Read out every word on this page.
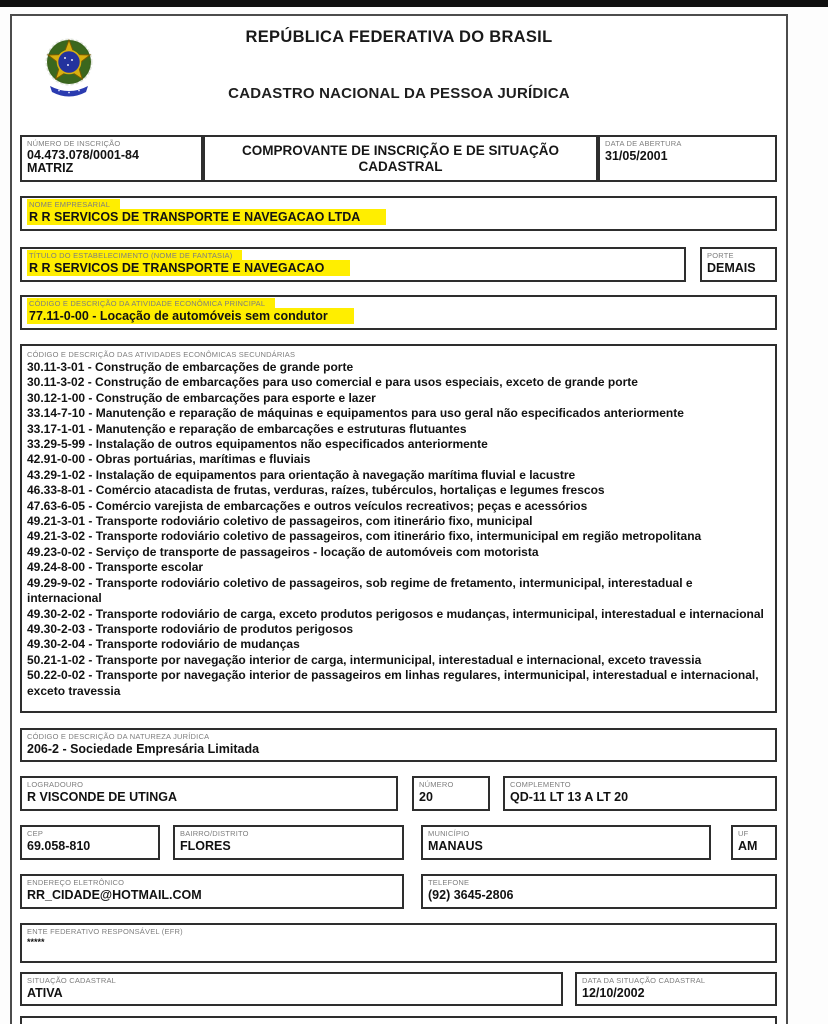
REPÚBLICA FEDERATIVA DO BRASIL
CADASTRO NACIONAL DA PESSOA JURÍDICA
NÚMERO DE INSCRIÇÃO
04.473.078/0001-84
MATRIZ
COMPROVANTE DE INSCRIÇÃO E DE SITUAÇÃO
CADASTRAL
DATA DE ABERTURA
31/05/2001
NOME EMPRESARIAL
R R SERVICOS DE TRANSPORTE E NAVEGACAO LTDA
TÍTULO DO ESTABELECIMENTO (NOME DE FANTASIA)
R R SERVICOS DE TRANSPORTE E NAVEGACAO
PORTE
DEMAIS
CÓDIGO E DESCRIÇÃO DA ATIVIDADE ECONÔMICA PRINCIPAL
77.11-0-00 - Locação de automóveis sem condutor
CÓDIGO E DESCRIÇÃO DAS ATIVIDADES ECONÔMICAS SECUNDÁRIAS
30.11-3-01 - Construção de embarcações de grande porte
30.11-3-02 - Construção de embarcações para uso comercial e para usos especiais, exceto de grande porte
30.12-1-00 - Construção de embarcações para esporte e lazer
33.14-7-10 - Manutenção e reparação de máquinas e equipamentos para uso geral não especificados anteriormente
33.17-1-01 - Manutenção e reparação de embarcações e estruturas flutuantes
33.29-5-99 - Instalação de outros equipamentos não especificados anteriormente
42.91-0-00 - Obras portuárias, marítimas e fluviais
43.29-1-02 - Instalação de equipamentos para orientação à navegação marítima fluvial e lacustre
46.33-8-01 - Comércio atacadista de frutas, verduras, raízes, tubérculos, hortaliças e legumes frescos
47.63-6-05 - Comércio varejista de embarcações e outros veículos recreativos; peças e acessórios
49.21-3-01 - Transporte rodoviário coletivo de passageiros, com itinerário fixo, municipal
49.21-3-02 - Transporte rodoviário coletivo de passageiros, com itinerário fixo, intermunicipal em região metropolitana
49.23-0-02 - Serviço de transporte de passageiros - locação de automóveis com motorista
49.24-8-00 - Transporte escolar
49.29-9-02 - Transporte rodoviário coletivo de passageiros, sob regime de fretamento, intermunicipal, interestadual e internacional
49.30-2-02 - Transporte rodoviário de carga, exceto produtos perigosos e mudanças, intermunicipal, interestadual e internacional
49.30-2-03 - Transporte rodoviário de produtos perigosos
49.30-2-04 - Transporte rodoviário de mudanças
50.21-1-02 - Transporte por navegação interior de carga, intermunicipal, interestadual e internacional, exceto travessia
50.22-0-02 - Transporte por navegação interior de passageiros em linhas regulares, intermunicipal, interestadual e internacional, exceto travessia
CÓDIGO E DESCRIÇÃO DA NATUREZA JURÍDICA
206-2 - Sociedade Empresária Limitada
LOGRADOURO
R VISCONDE DE UTINGA
NÚMERO
20
COMPLEMENTO
QD-11 LT 13 A LT 20
CEP
69.058-810
BAIRRO/DISTRITO
FLORES
MUNICÍPIO
MANAUS
UF
AM
ENDEREÇO ELETRÔNICO
RR_CIDADE@HOTMAIL.COM
TELEFONE
(92) 3645-2806
ENTE FEDERATIVO RESPONSÁVEL (EFR)
*****
SITUAÇÃO CADASTRAL
ATIVA
DATA DA SITUAÇÃO CADASTRAL
12/10/2002
